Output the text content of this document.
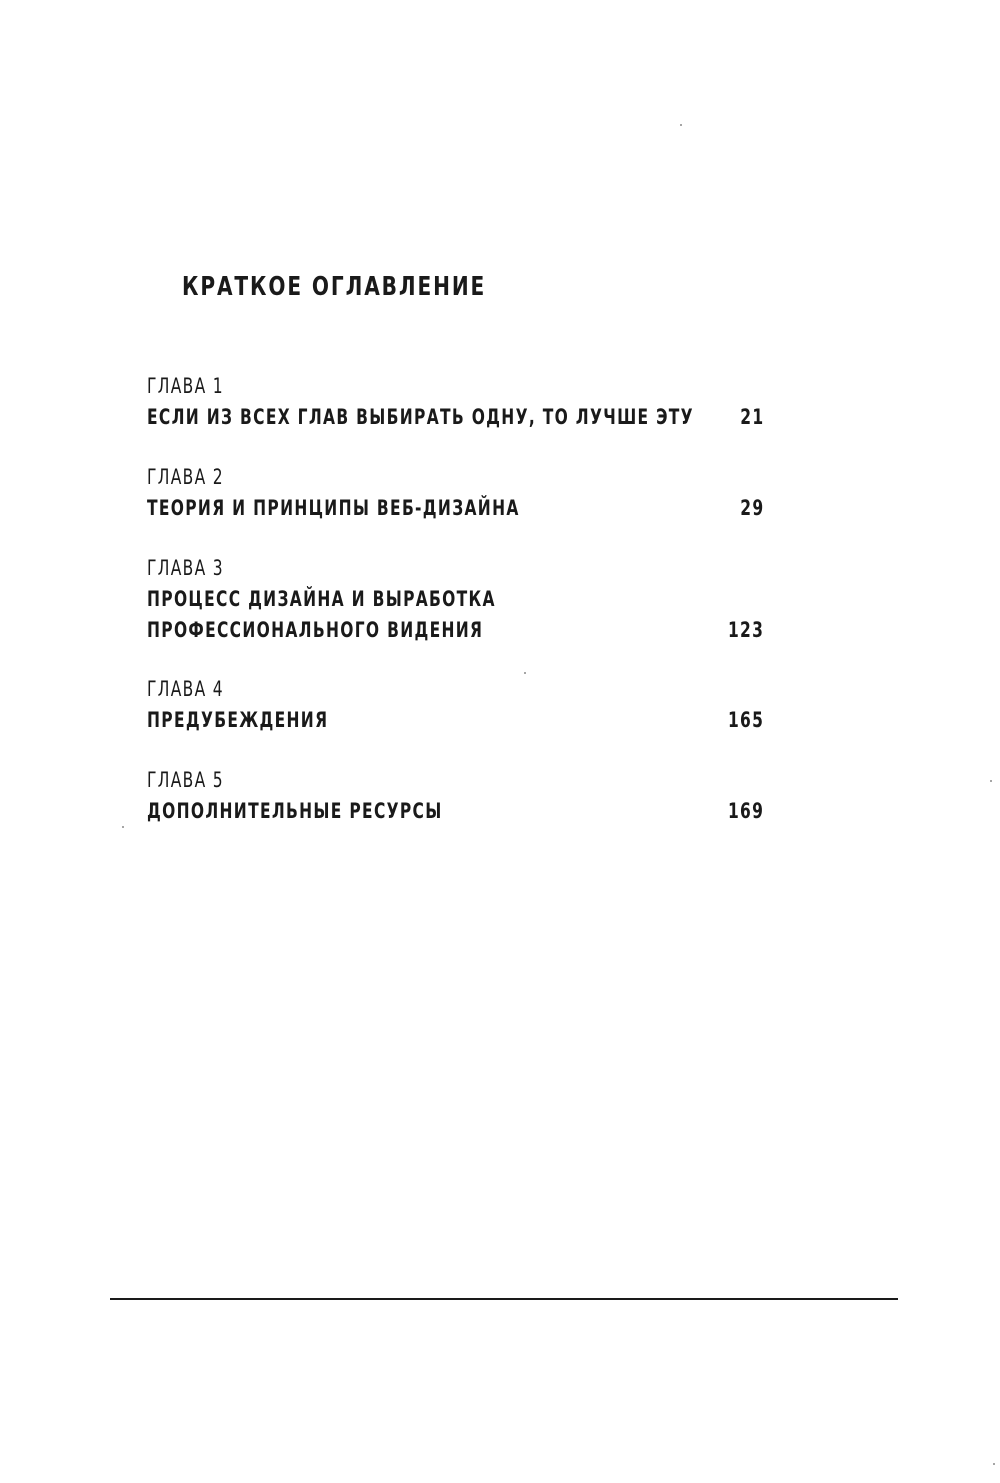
КРАТКОЕ ОГЛАВЛЕНИЕ
ГЛАВА 1
ЕСЛИ ИЗ ВСЕХ ГЛАВ ВЫБИРАТЬ ОДНУ, ТО ЛУЧШЕ ЭТУ 21
ГЛАВА 2
ТЕОРИЯ И ПРИНЦИПЫ ВЕБ-ДИЗАЙНА	29
ГЛАВА 3
ПРОЦЕСС ДИЗАЙНА И ВЫРАБОТКА
ПРОФЕССИОНАЛЬНОГО ВИДЕНИЯ	123
ГЛАВА 4
ПРЕДУБЕЖДЕНИЯ	165
ГЛАВА 5
ДОПОЛНИТЕЛЬНЫЕ РЕСУРСЫ	169
